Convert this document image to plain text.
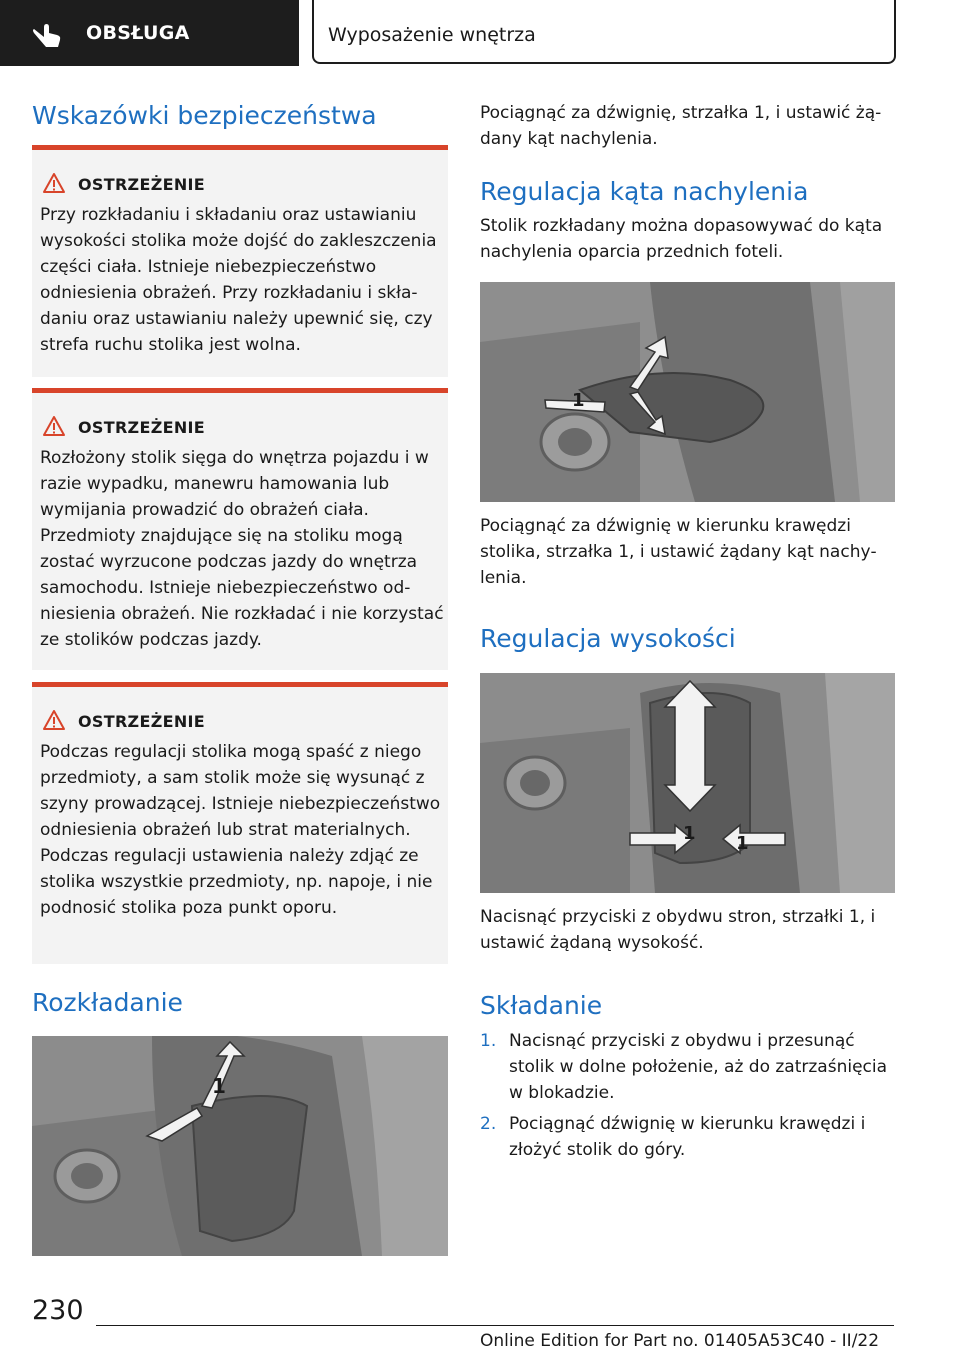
OBSŁUGA	Wyposażenie wnętrza
Wskazówki bezpieczeństwa
OSTRZEŻENIE

Przy rozkładaniu i składaniu oraz ustawianiu wysokości stolika może dojść do zakleszczenia części ciała. Istnieje niebezpieczeństwo odniesienia obrażeń. Przy rozkładaniu i składaniu oraz ustawianiu należy upewnić się, czy strefa ruchu stolika jest wolna.

OSTRZEŻENIE

Rozłożony stolik sięga do wnętrza pojazdu i w razie wypadku, manewru hamowania lub wymijania prowadzić do obrażeń ciała. Przedmioty znajdujące się na stoliku mogą zostać wyrzucone podczas jazdy do wnętrza samochodu. Istnieje niebezpieczeństwo odniesienia obrażeń. Nie rozkładać i nie korzystać ze stolików podczas jazdy.

OSTRZEŻENIE

Podczas regulacji stolika mogą spaść z niego przedmioty, a sam stolik może się wysunąć z szyny prowadzącej. Istnieje niebezpieczeństwo odniesienia obrażeń lub strat materialnych. Podczas regulacji ustawienia należy zdjąć ze stolika wszystkie przedmioty, np. napoje, i nie podnosić stolika poza punkt oporu.

Rozkładanie
1

Pociągnąć za dźwignię, strzałka 1, i ustawić żądany kąt nachylenia.

Regulacja kąta nachylenia

Stolik rozkładany można dopasowywać do kąta nachylenia oparcia przednich foteli.

1

Pociągnąć za dźwignię w kierunku krawędzi stolika, strzałka 1, i ustawić żądany kąt nachylenia.

Regulacja wysokości
1 1

Nacisnąć przyciski z obydwu stron, strzałki 1, i ustawić żądaną wysokość.

Składanie
1. Nacisnąć przyciski z obydwu i przesunąć stolik w dolne położenie, aż do zatrzaśnięcia w blokadzie.

2. Pociągnąć dźwignię w kierunku krawędzi i złożyć stolik do góry.

230
Online Edition for Part no. 01405A53C40 - II/22
